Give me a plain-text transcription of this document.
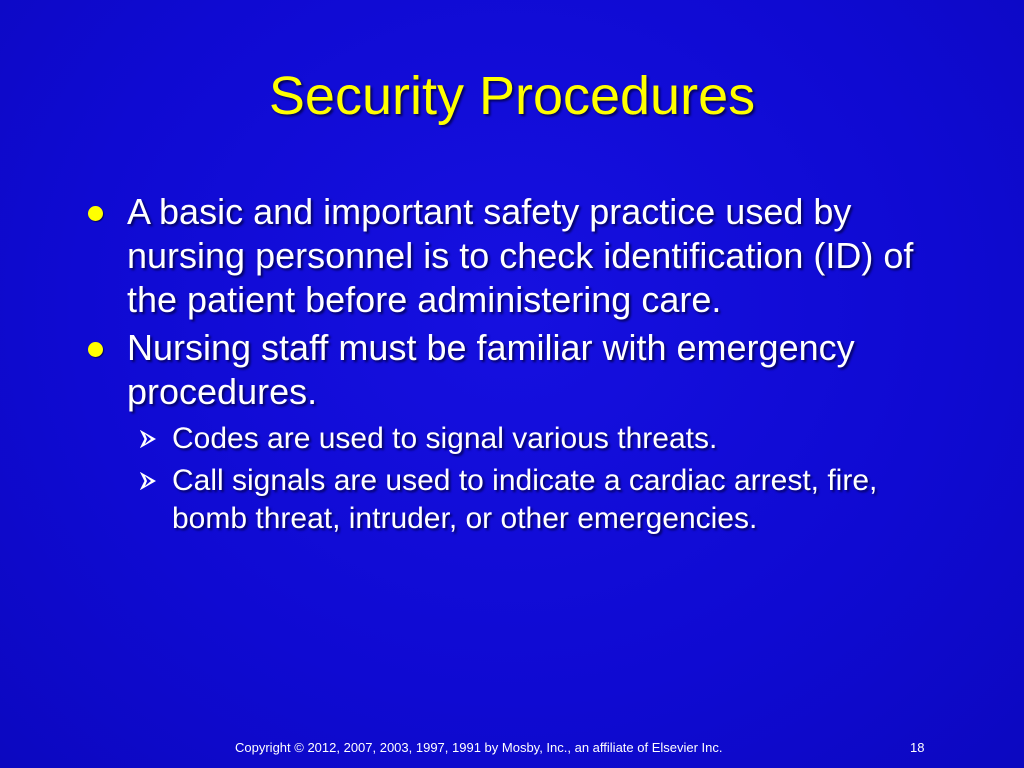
Security Procedures
A basic and important safety practice used by nursing personnel is to check identification (ID) of the patient before administering care.
Nursing staff must be familiar with emergency procedures.
Codes are used to signal various threats.
Call signals are used to indicate a cardiac arrest, fire, bomb threat, intruder, or other emergencies.
Copyright © 2012, 2007, 2003, 1997, 1991 by Mosby, Inc., an affiliate of Elsevier Inc.	18
